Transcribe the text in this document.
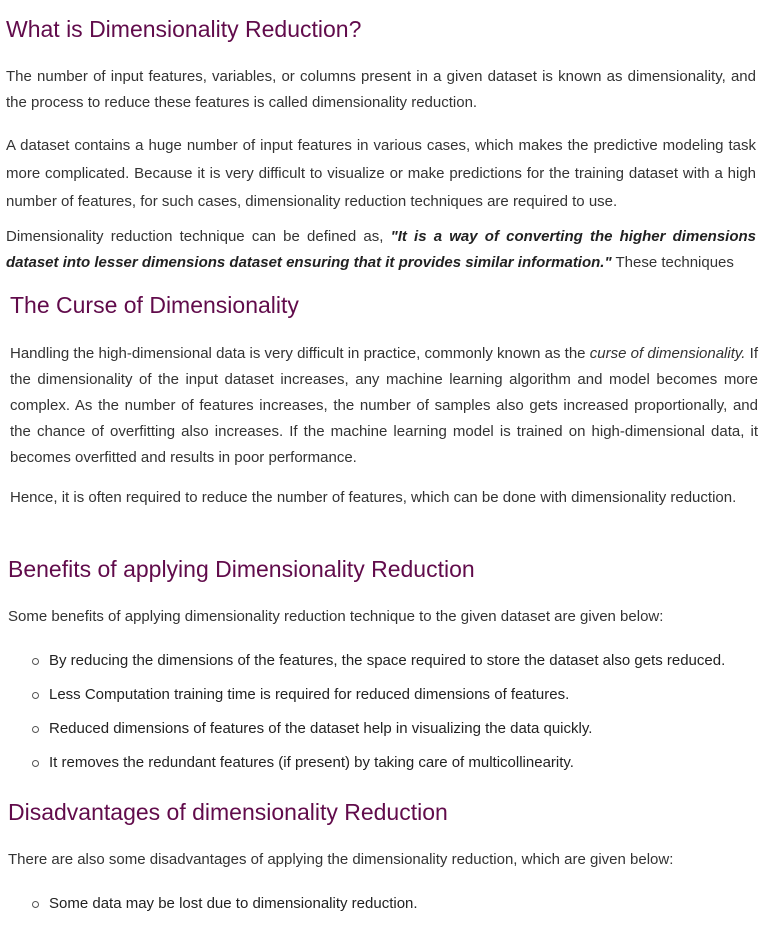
What is Dimensionality Reduction?

The number of input features, variables, or columns present in a given dataset is known as dimensionality, and the process to reduce these features is called dimensionality reduction.

A dataset contains a huge number of input features in various cases, which makes the predictive modeling task more complicated. Because it is very difficult to visualize or make predictions for the training dataset with a high number of features, for such cases, dimensionality reduction techniques are required to use.

Dimensionality reduction technique can be defined as, "It is a way of converting the higher dimensions dataset into lesser dimensions dataset ensuring that it provides similar information." These techniques

The Curse of Dimensionality

Handling the high-dimensional data is very difficult in practice, commonly known as the curse of dimensionality. If the dimensionality of the input dataset increases, any machine learning algorithm and model becomes more complex. As the number of features increases, the number of samples also gets increased proportionally, and the chance of overfitting also increases. If the machine learning model is trained on high-dimensional data, it becomes overfitted and results in poor performance.

Hence, it is often required to reduce the number of features, which can be done with dimensionality reduction.

Benefits of applying Dimensionality Reduction

Some benefits of applying dimensionality reduction technique to the given dataset are given below:

By reducing the dimensions of the features, the space required to store the dataset also gets reduced.
Less Computation training time is required for reduced dimensions of features.
Reduced dimensions of features of the dataset help in visualizing the data quickly.
It removes the redundant features (if present) by taking care of multicollinearity.
Disadvantages of dimensionality Reduction

There are also some disadvantages of applying the dimensionality reduction, which are given below:

Some data may be lost due to dimensionality reduction.
